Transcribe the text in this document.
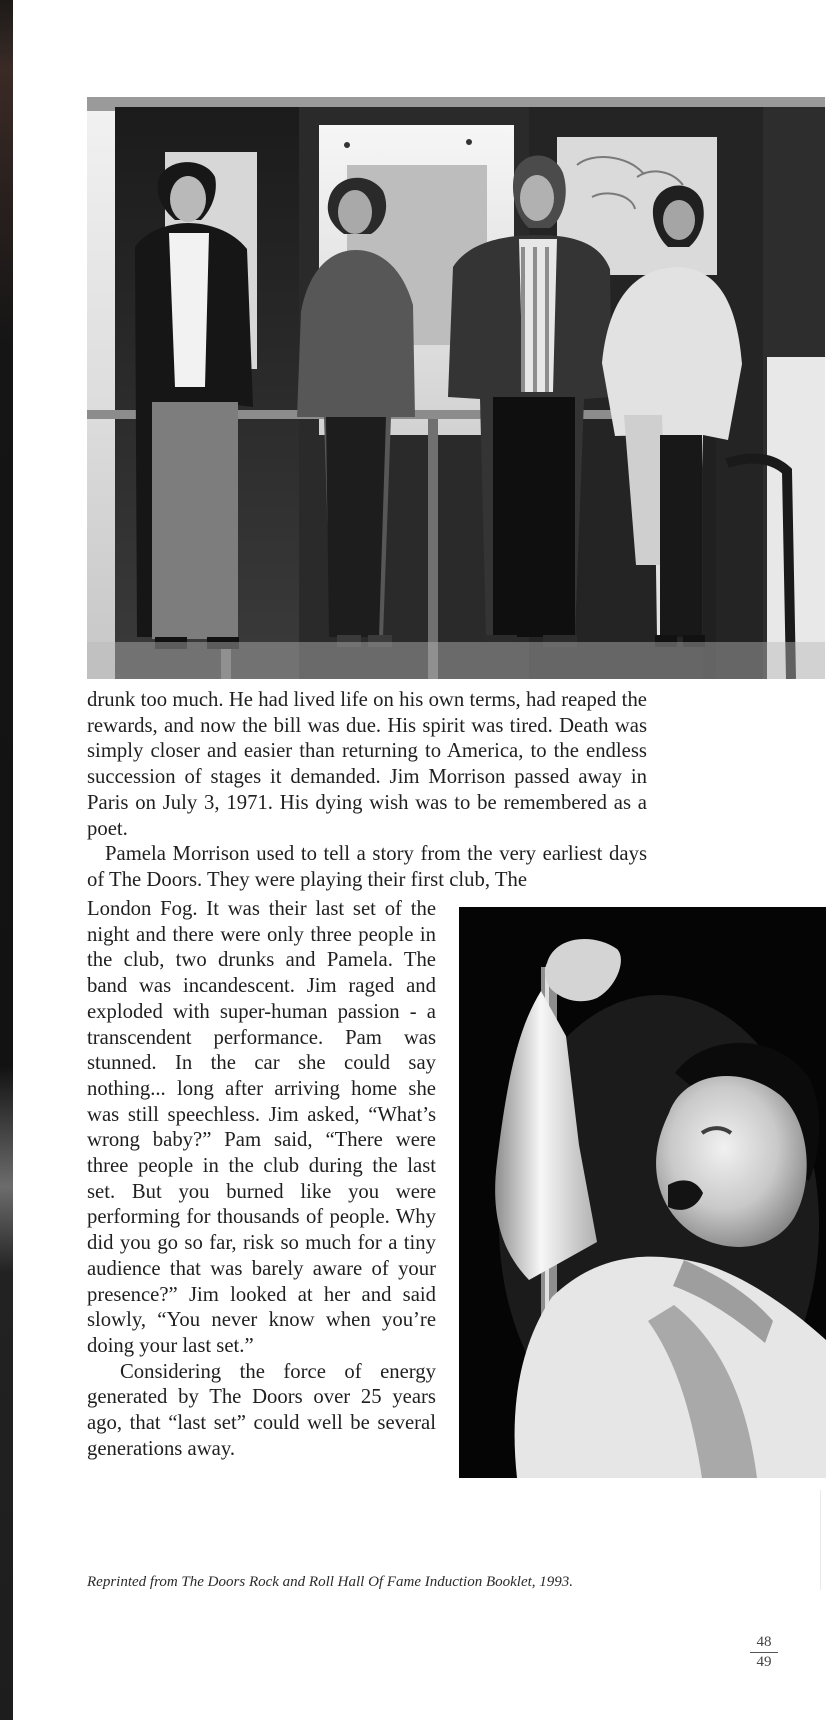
drunk too much. He had lived life on his own terms, had reaped the rewards, and now the bill was due. His spirit was tired. Death was simply closer and easier than returning to America, to the endless succession of stages it demanded. Jim Morrison passed away in Paris on July 3, 1971. His dying wish was to be remembered as a poet.

Pamela Morrison used to tell a story from the very earliest days of The Doors. They were playing their first club, The

London Fog. It was their last set of the night and there were only three people in the club, two drunks and Pamela. The band was incandescent. Jim raged and exploded with super-human passion - a transcendent performance. Pam was stunned. In the car she could say nothing... long after arriving home she was still speechless. Jim asked, “What’s wrong baby?” Pam said, “There were three people in the club during the last set. But you burned like you were performing for thousands of people. Why did you go so far, risk so much for a tiny audience that was barely aware of your presence?” Jim looked at her and said slowly, “You never know when you’re doing your last set.”

Considering the force of energy generated by The Doors over 25 years ago, that “last set” could well be several generations away.

Reprinted from The Doors Rock and Roll Hall Of Fame Induction Booklet, 1993.
48
49
